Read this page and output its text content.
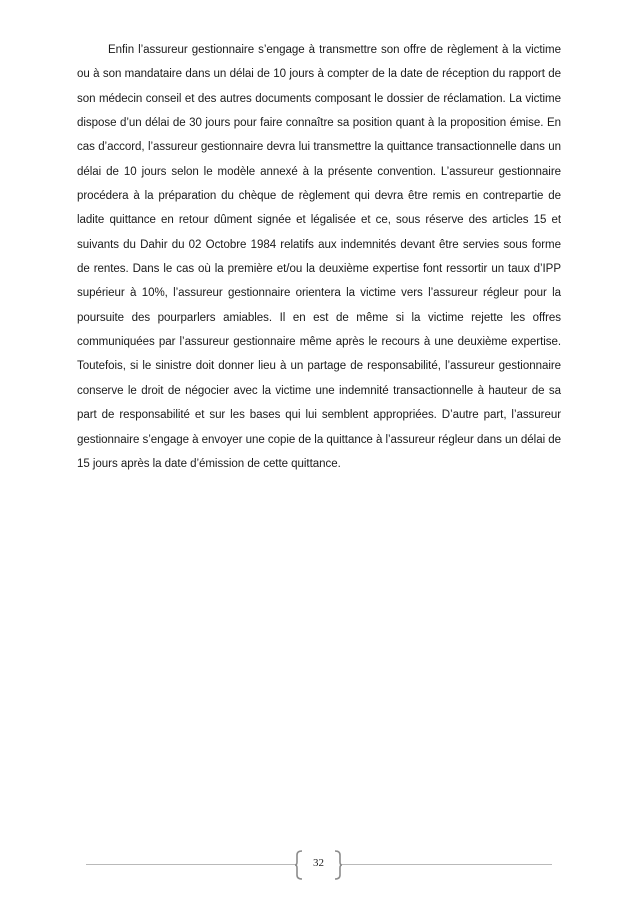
Enfin l’assureur gestionnaire s’engage à transmettre son offre de règlement à la victime ou à son mandataire dans un délai de 10 jours à compter de la date de réception du rapport de son médecin conseil et des autres documents composant le dossier de réclamation. La victime dispose d’un délai de 30 jours pour faire connaître sa position quant à la proposition émise. En cas d’accord, l’assureur gestionnaire devra lui transmettre la quittance transactionnelle dans un délai de 10 jours selon le modèle annexé à la présente convention. L’assureur gestionnaire procédera à la préparation du chèque de règlement qui devra être remis en contrepartie de ladite quittance en retour dûment signée et légalisée et ce, sous réserve des articles 15 et suivants du Dahir du 02 Octobre 1984 relatifs aux indemnités devant être servies sous forme de rentes. Dans le cas où la première et/ou la deuxième expertise font ressortir un taux d’IPP supérieur à 10%, l’assureur gestionnaire orientera la victime vers l’assureur régleur pour la poursuite des pourparlers amiables. Il en est de même si la victime rejette les offres communiquées par l’assureur gestionnaire même après le recours à une deuxième expertise. Toutefois, si le sinistre doit donner lieu à un partage de responsabilité, l’assureur gestionnaire conserve le droit de négocier avec la victime une indemnité transactionnelle à hauteur de sa part de responsabilité et sur les bases qui lui semblent appropriées. D’autre part, l’assureur gestionnaire s’engage à envoyer une copie de la quittance à l’assureur régleur dans un délai de 15 jours après la date d’émission de cette quittance.

32
